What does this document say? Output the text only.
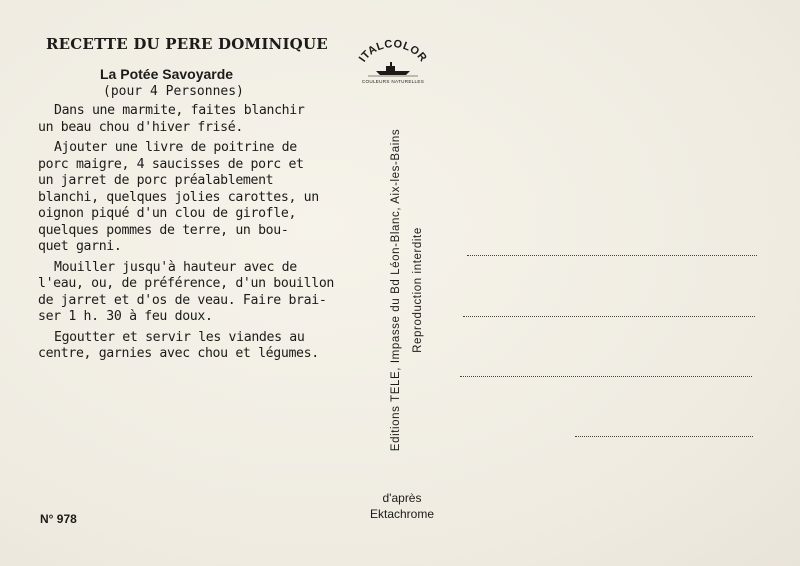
RECETTE DU PERE DOMINIQUE
La Potée Savoyarde
(pour 4 Personnes)

Dans une marmite, faites blanchir
un beau chou d'hiver frisé.

Ajouter une livre de poitrine de
porc maigre, 4 saucisses de porc et
un jarret de porc préalablement
blanchi, quelques jolies carottes, un
oignon piqué d'un clou de girofle,
quelques pommes de terre, un bou-
quet garni.

Mouiller jusqu'à hauteur avec de
l'eau, ou, de préférence, d'un bouillon
de jarret et d'os de veau. Faire brai-
ser 1 h. 30 à feu doux.

Egoutter et servir les viandes au
centre, garnies avec chou et légumes.

N° 978
ITALCOLOR
COULEURS NATURELLES
Editions TELE, Impasse du Bd Léon-Blanc, Aix-les-Bains Reproduction interdite
d'après
Ektachrome
